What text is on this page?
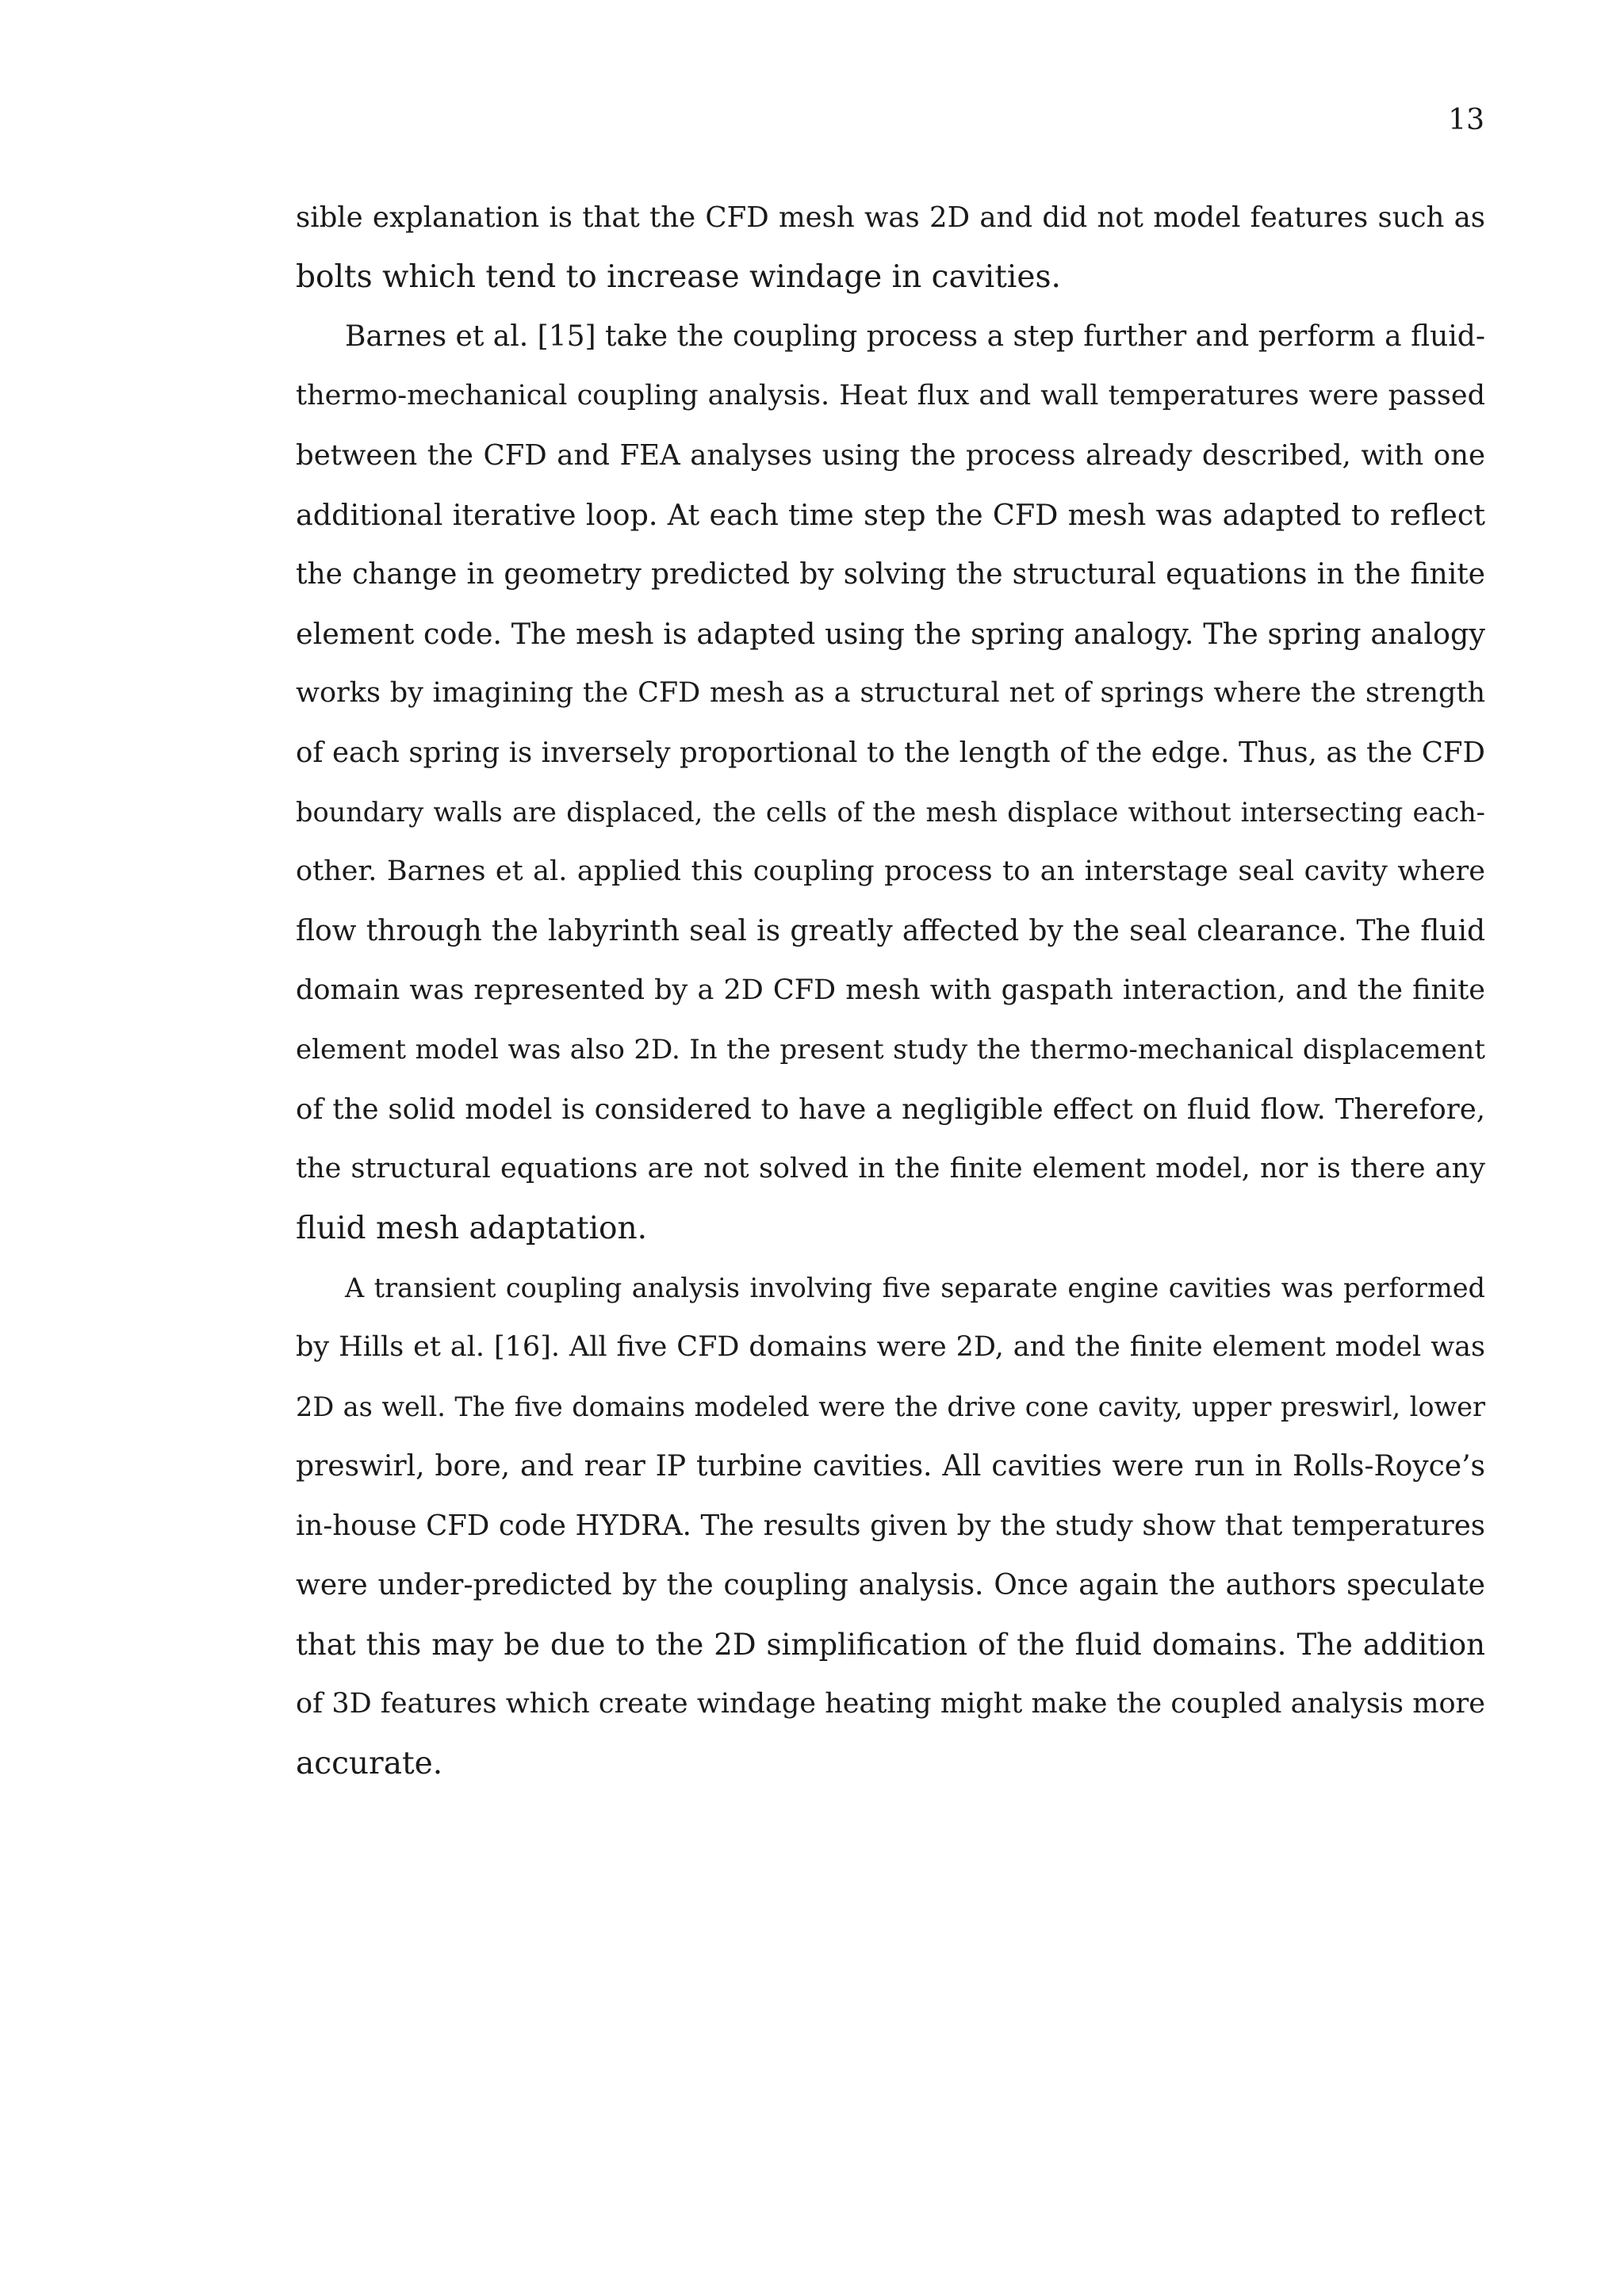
13
sible explanation is that the CFD mesh was 2D and did not model features such as
bolts which tend to increase windage in cavities.
Barnes et al. [15] take the coupling process a step further and perform a fluid-
thermo-mechanical coupling analysis. Heat flux and wall temperatures were passed
between the CFD and FEA analyses using the process already described, with one
additional iterative loop. At each time step the CFD mesh was adapted to reflect
the change in geometry predicted by solving the structural equations in the finite
element code. The mesh is adapted using the spring analogy. The spring analogy
works by imagining the CFD mesh as a structural net of springs where the strength
of each spring is inversely proportional to the length of the edge. Thus, as the CFD
boundary walls are displaced, the cells of the mesh displace without intersecting each-
other. Barnes et al. applied this coupling process to an interstage seal cavity where
flow through the labyrinth seal is greatly affected by the seal clearance. The fluid
domain was represented by a 2D CFD mesh with gaspath interaction, and the finite
element model was also 2D. In the present study the thermo-mechanical displacement
of the solid model is considered to have a negligible effect on fluid flow. Therefore,
the structural equations are not solved in the finite element model, nor is there any
fluid mesh adaptation.
A transient coupling analysis involving five separate engine cavities was performed
by Hills et al. [16]. All five CFD domains were 2D, and the finite element model was
2D as well. The five domains modeled were the drive cone cavity, upper preswirl, lower
preswirl, bore, and rear IP turbine cavities. All cavities were run in Rolls-Royce’s
in-house CFD code HYDRA. The results given by the study show that temperatures
were under-predicted by the coupling analysis. Once again the authors speculate
that this may be due to the 2D simplification of the fluid domains. The addition
of 3D features which create windage heating might make the coupled analysis more
accurate.
